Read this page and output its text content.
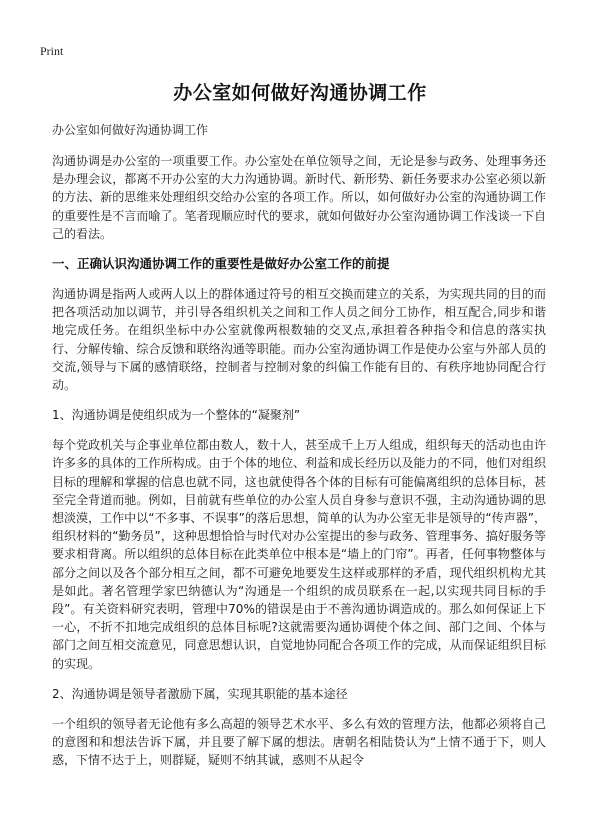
Print
办公室如何做好沟通协调工作
办公室如何做好沟通协调工作

沟通协调是办公室的一项重要工作。办公室处在单位领导之间，无论是参与政务、处理事务还是办理会议，都离不开办公室的大力沟通协调。新时代、新形势、新任务要求办公室必须以新的方法、新的思维来处理组织交给办公室的各项工作。所以，如何做好办公室的沟通协调工作的重要性是不言而喻了。笔者现顺应时代的要求，就如何做好办公室沟通协调工作浅谈一下自己的看法。

一、正确认识沟通协调工作的重要性是做好办公室工作的前提

沟通协调是指两人或两人以上的群体通过符号的相互交换而建立的关系，为实现共同的目的而把各项活动加以调节，并引导各组织机关之间和工作人员之间分工协作，相互配合,同步和谐地完成任务。在组织坐标中办公室就像两根数轴的交叉点,承担着各种指令和信息的落实执行、分解传输、综合反馈和联络沟通等职能。而办公室沟通协调工作是使办公室与外部人员的交流,领导与下属的感情联络，控制者与控制对象的纠偏工作能有目的、有秩序地协同配合行动。

1、沟通协调是使组织成为一个整体的“凝聚剂”

每个党政机关与企事业单位都由数人，数十人，甚至成千上万人组成，组织每天的活动也由许许多多的具体的工作所构成。由于个体的地位、利益和成长经历以及能力的不同，他们对组织目标的理解和掌握的信息也就不同，这也就使得各个体的目标有可能偏离组织的总体目标，甚至完全背道而驰。例如，目前就有些单位的办公室人员自身参与意识不强，主动沟通协调的思想淡漠，工作中以“不多事、不误事”的落后思想，简单的认为办公室无非是领导的“传声器”，组织材料的“勤务员”，这种思想恰恰与时代对办公室提出的参与政务、管理事务、搞好服务等要求相背离。所以组织的总体目标在此类单位中根本是“墙上的门帘”。再者，任何事物整体与部分之间以及各个部分相互之间，都不可避免地要发生这样或那样的矛盾，现代组织机构尤其是如此。著名管理学家巴纳德认为“沟通是一个组织的成员联系在一起,以实现共同目标的手段”。有关资料研究表明，管理中70%的错误是由于不善沟通协调造成的。那么如何保证上下一心，不折不扣地完成组织的总体目标呢?这就需要沟通协调使个体之间、部门之间、个体与部门之间互相交流意见，同意思想认识，自觉地协同配合各项工作的完成，从而保证组织目标的实现。

2、沟通协调是领导者激励下属，实现其职能的基本途径

一个组织的领导者无论他有多么高超的领导艺术水平、多么有效的管理方法，他都必须将自己的意图和和想法告诉下属，并且要了解下属的想法。唐朝名相陆贽认为“上情不通于下，则人惑，下情不达于上，则群疑，疑则不纳其诚，惑则不从起令
